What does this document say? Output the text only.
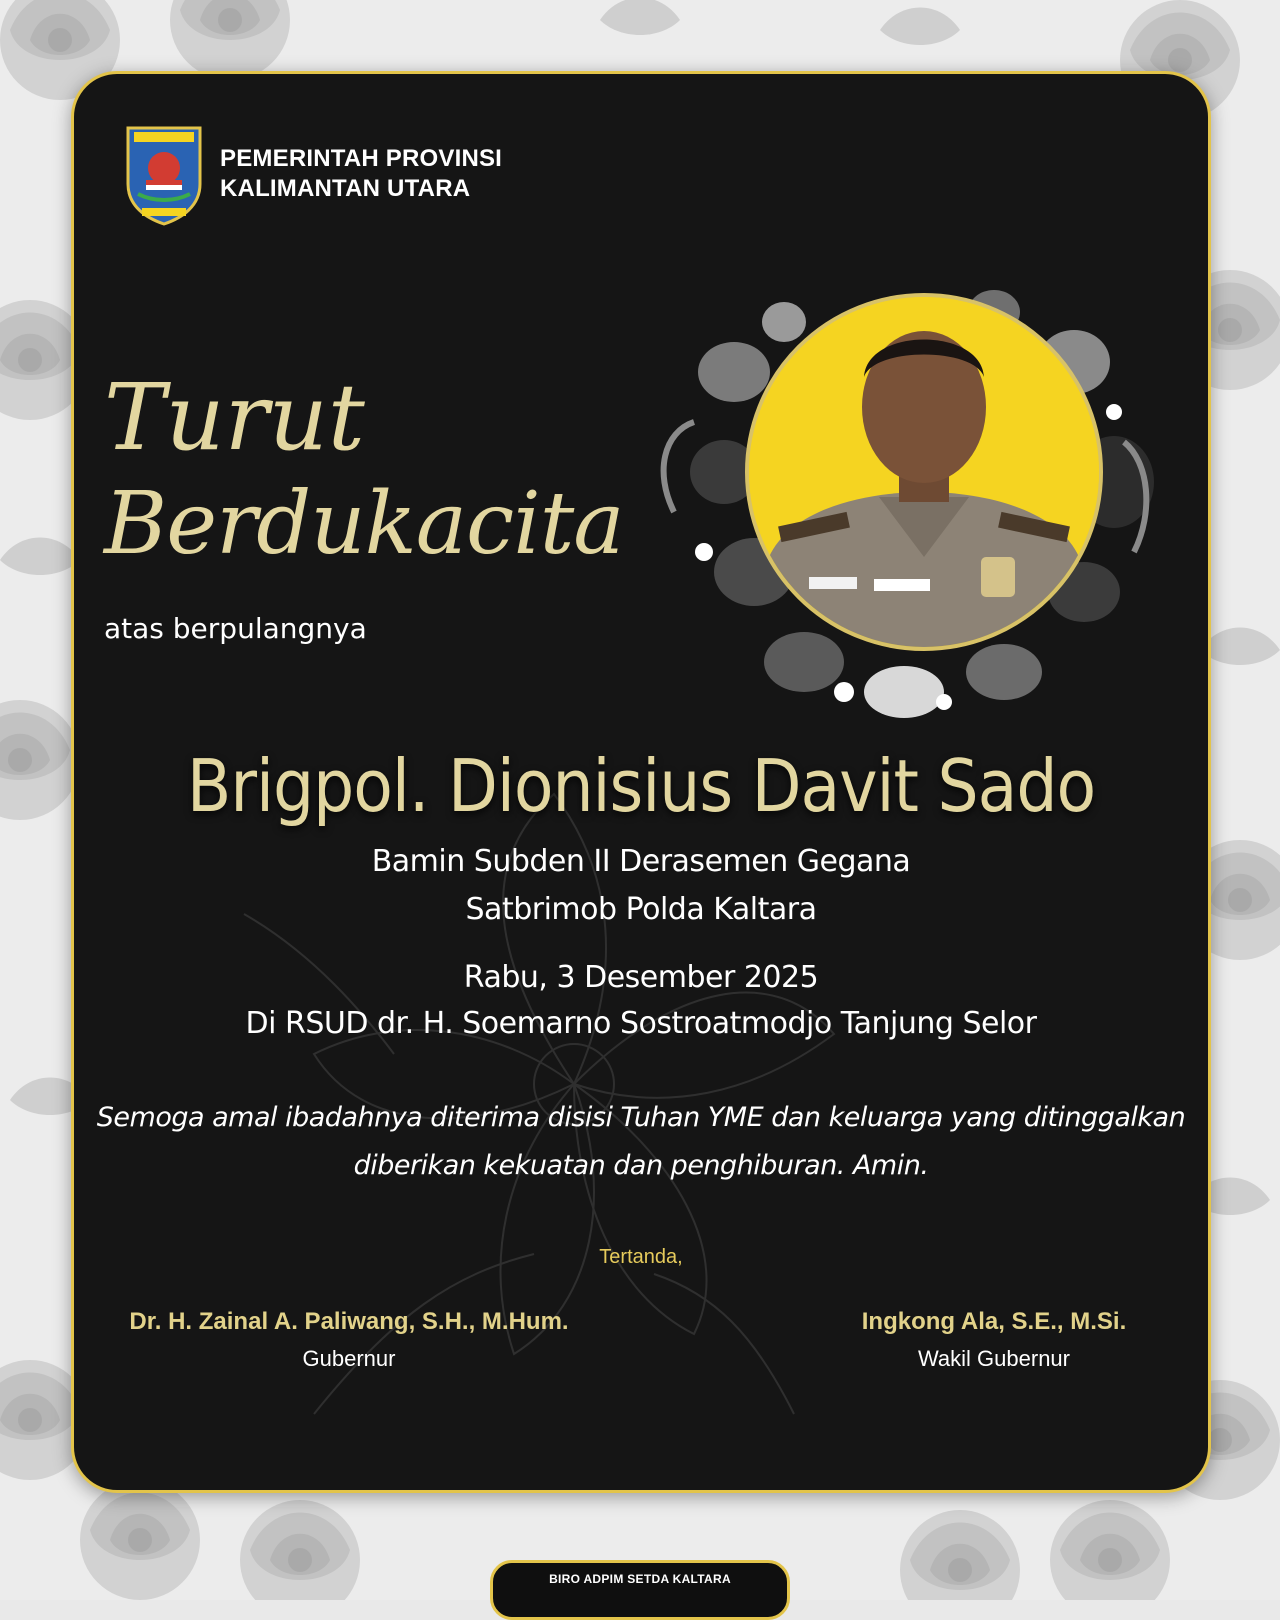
PEMERINTAH PROVINSI
KALIMANTAN UTARA
Turut
Berdukacita
atas berpulangnya
Brigpol. Dionisius Davit Sado
Bamin Subden II Derasemen Gegana
Satbrimob Polda Kaltara
Rabu, 3 Desember 2025
Di RSUD dr. H. Soemarno Sostroatmodjo Tanjung Selor
Semoga amal ibadahnya diterima disisi Tuhan YME dan keluarga yang ditinggalkan
diberikan kekuatan dan penghiburan. Amin.
Tertanda,
Dr. H. Zainal A. Paliwang, S.H., M.Hum.
Gubernur
Ingkong Ala, S.E., M.Si.
Wakil Gubernur
BIRO ADPIM SETDA KALTARA
